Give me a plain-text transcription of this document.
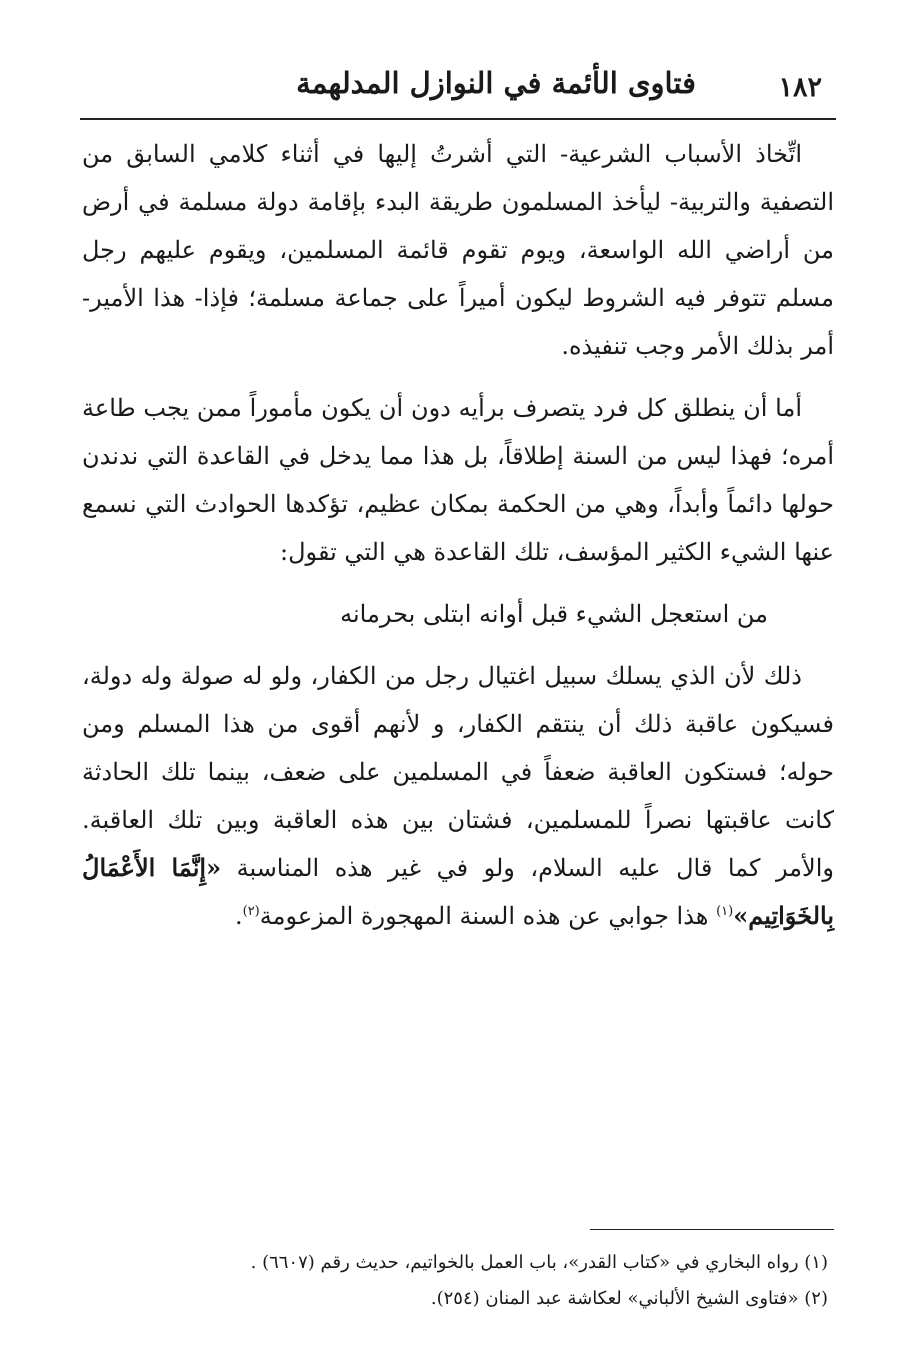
١٨٢
فتاوى الأئمة في النوازل المدلهمة

اتِّخاذ الأسباب الشرعية- التي أشرتُ إليها في أثناء كلامي السابق من التصفية والتربية- ليأخذ المسلمون طريقة البدء بإقامة دولة مسلمة في أرض من أراضي الله الواسعة، ويوم تقوم قائمة المسلمين، ويقوم عليهم رجل مسلم تتوفر فيه الشروط ليكون أميراً على جماعة مسلمة؛ فإذا- هذا الأمير- أمر بذلك الأمر وجب تنفيذه.

أما أن ينطلق كل فرد يتصرف برأيه دون أن يكون مأموراً ممن يجب طاعة أمره؛ فهذا ليس من السنة إطلاقاً، بل هذا مما يدخل في القاعدة التي ندندن حولها دائماً وأبداً، وهي من الحكمة بمكان عظيم، تؤكدها الحوادث التي نسمع عنها الشيء الكثير المؤسف، تلك القاعدة هي التي تقول:

من استعجل الشيء قبل أوانه ابتلى بحرمانه

ذلك لأن الذي يسلك سبيل اغتيال رجل من الكفار، ولو له صولة وله دولة، فسيكون عاقبة ذلك أن ينتقم الكفار، و لأنهم أقوى من هذا المسلم ومن حوله؛ فستكون العاقبة ضعفاً في المسلمين على ضعف، بينما تلك الحادثة كانت عاقبتها نصراً للمسلمين، فشتان بين هذه العاقبة وبين تلك العاقبة. والأمر كما قال عليه السلام، ولو في غير هذه المناسبة «إِنَّمَا الأَعْمَالُ بِالخَوَاتِيم»$^{(١)}$ هذا جوابي عن هذه السنة المهجورة المزعومة$^{(٢)}$.

(١) رواه البخاري في «كتاب القدر»، باب العمل بالخواتيم، حديث رقم (٦٦٠٧) .
(٢) «فتاوى الشيخ الألباني» لعكاشة عبد المنان (٢٥٤).
